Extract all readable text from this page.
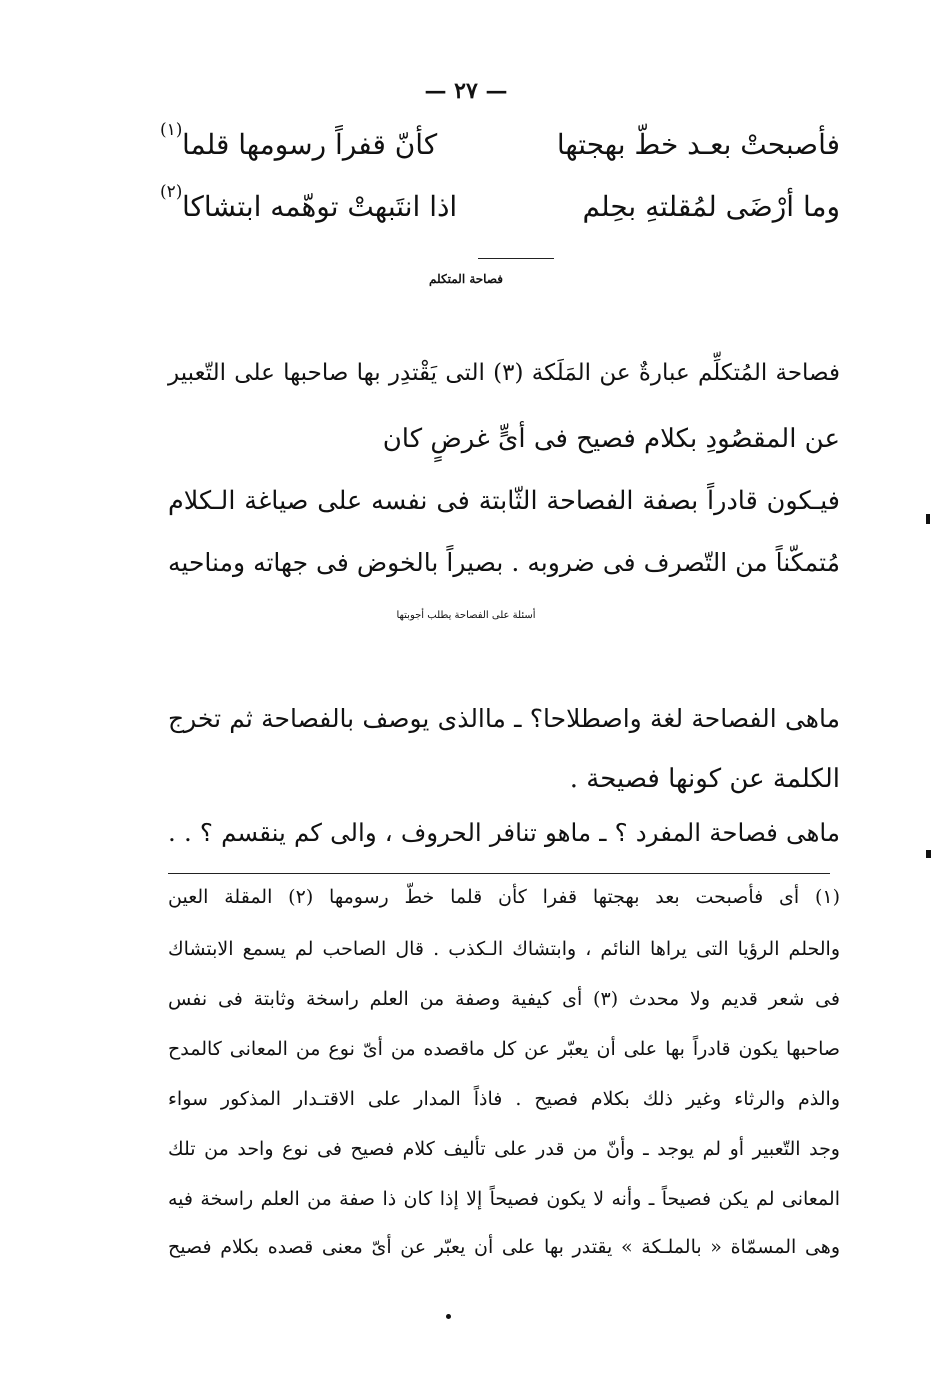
— ٢٧ —
فأصبحتْ بعـد خطّ بهجتها
كأنّ قفراً رسومها قلما
(١)
وما أرْضَى لمُقلتهِ بحِلم
اذا انتَبهتْ توهّمه ابتشاكا
(٢)
فصاحة المتكلم
فصاحة المُتكلِّم عبارةٌ عن المَلَكة (٣) التى يَقْتدِر بها صاحبها على التّعبير
عن المقصُودِ بكلام فصيح فى أىٍّ غرضٍ كان
فيـكون قادراً بصفة الفصاحة الثّابتة فى نفسه على صياغة الـكلام
مُتمكّناً من التّصرف فى ضروبه . بصيراً بالخوض فى جهاته ومناحيه
أسئلة على الفصاحة يطلب أجوبتها
ماهى الفصاحة لغة واصطلاحا؟ ـ ماالذى يوصف بالفصاحة ثم تخرج
الكلمة عن كونها فصيحة .
ماهى فصاحة المفرد ؟ ـ ماهو تنافر الحروف ، والى كم ينقسم ؟ . .
(١) أى فأصبحت بعد بهجتها قفرا كأن قلما خطّ رسومها (٢) المقلة العين
والحلم الرؤيا التى يراها النائم ، وابتشاك الـكذب . قال الصاحب لم يسمع الابتشاك
فى شعر قديم ولا محدث (٣) أى كيفية وصفة من العلم راسخة وثابتة فى نفس
صاحبها يكون قادراً بها على أن يعبّر عن كل ماقصده من أىّ نوع من المعانى كالمدح
والذم والرثاء وغير ذلك بكلام فصيح . فاذاً المدار على الاقتـدار المذكور سواء
وجد التّعبير أو لم يوجد ـ وأنّ من قدر على تأليف كلام فصيح فى نوع واحد من تلك
المعانى لم يكن فصيحاً ـ وأنه لا يكون فصيحاً إلا إذا كان ذا صفة من العلم راسخة فيه
وهى المسمّاة « بالملـكة » يقتدر بها على أن يعبّر عن أىّ معنى قصده بكلام فصيح
